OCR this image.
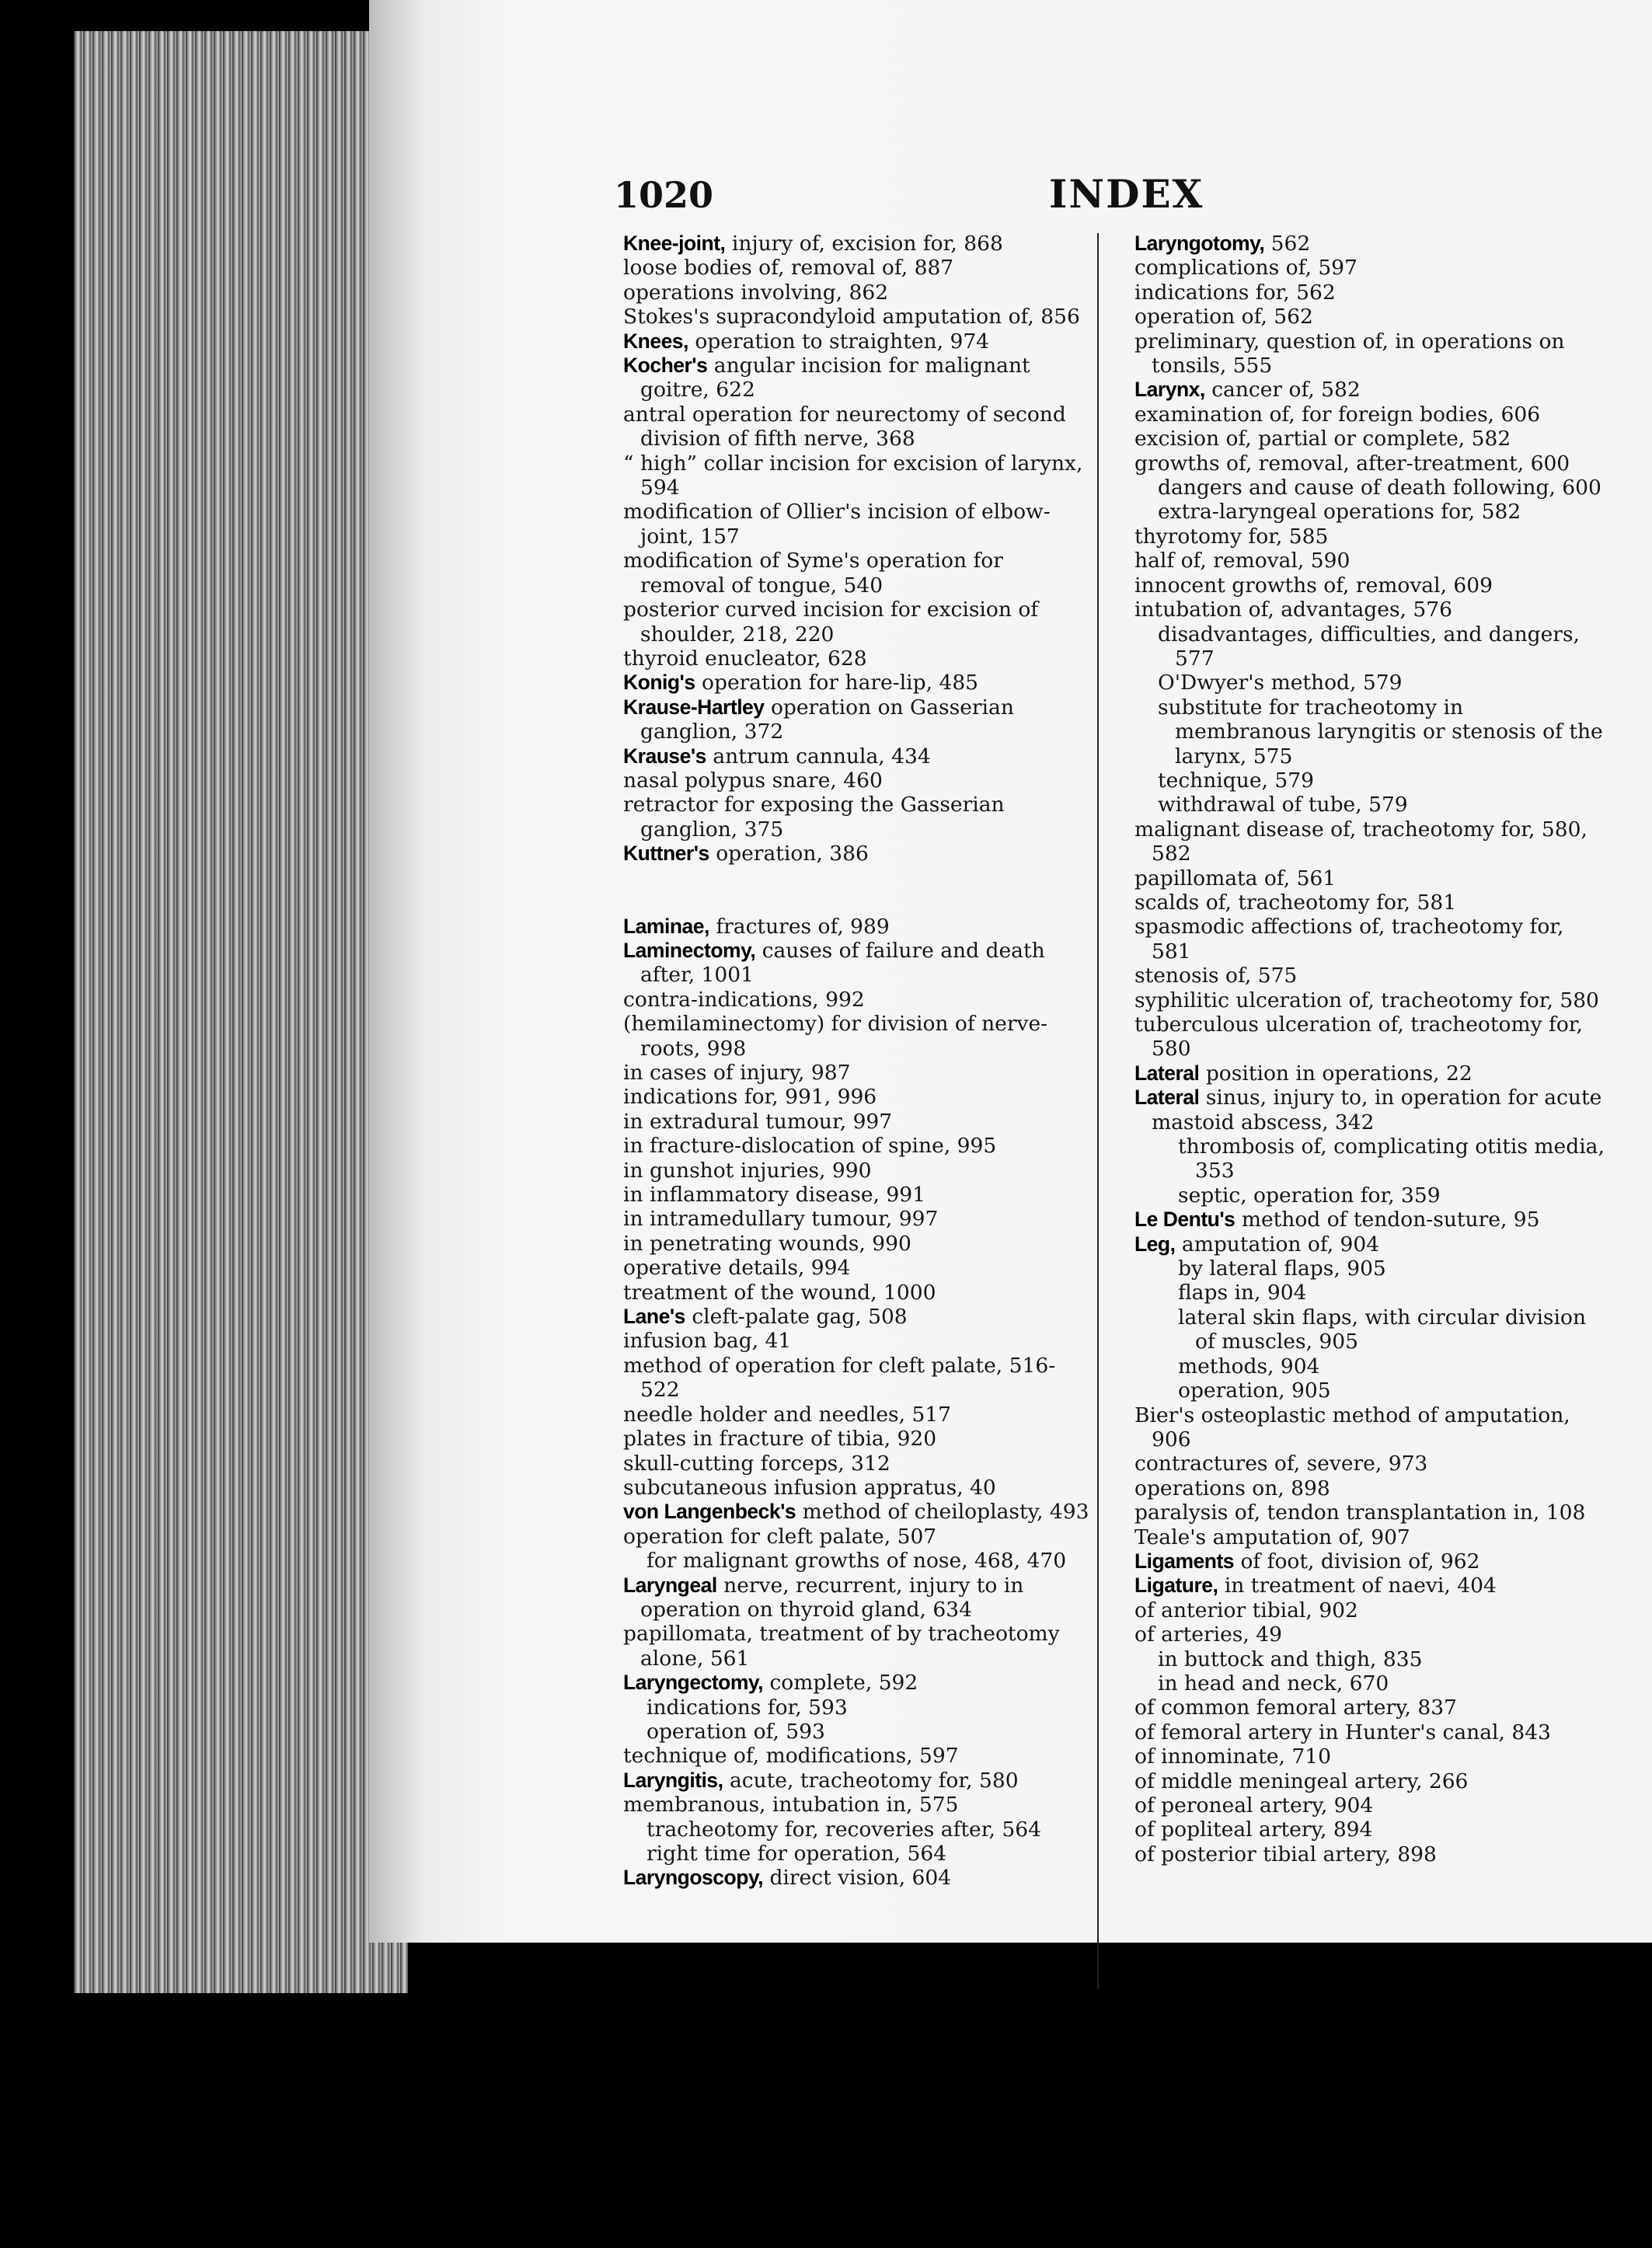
1020	INDEX
Knee-joint, injury of, excision for, 868
loose bodies of, removal of, 887
operations involving, 862
Stokes's supracondyloid amputation of, 856
Knees, operation to straighten, 974
Kocher's angular incision for malignant goitre, 622
antral operation for neurectomy of second division of fifth nerve, 368
“ high” collar incision for excision of larynx, 594
modification of Ollier's incision of elbow-joint, 157
modification of Syme's operation for removal of tongue, 540
posterior curved incision for excision of shoulder, 218, 220
thyroid enucleator, 628
Konig's operation for hare-lip, 485
Krause-Hartley operation on Gasserian ganglion, 372
Krause's antrum cannula, 434
nasal polypus snare, 460
retractor for exposing the Gasserian ganglion, 375
Kuttner's operation, 386
Laminae, fractures of, 989
Laminectomy, causes of failure and death after, 1001
contra-indications, 992
(hemilaminectomy) for division of nerve-roots, 998
in cases of injury, 987
indications for, 991, 996
in extradural tumour, 997
in fracture-dislocation of spine, 995
in gunshot injuries, 990
in inflammatory disease, 991
in intramedullary tumour, 997
in penetrating wounds, 990
operative details, 994
treatment of the wound, 1000
Lane's cleft-palate gag, 508
infusion bag, 41
method of operation for cleft palate, 516-522
needle holder and needles, 517
plates in fracture of tibia, 920
skull-cutting forceps, 312
subcutaneous infusion appratus, 40
von Langenbeck's method of cheiloplasty, 493
operation for cleft palate, 507
for malignant growths of nose, 468, 470
Laryngeal nerve, recurrent, injury to in operation on thyroid gland, 634
papillomata, treatment of by tracheotomy alone, 561
Laryngectomy, complete, 592
indications for, 593
operation of, 593
technique of, modifications, 597
Laryngitis, acute, tracheotomy for, 580
membranous, intubation in, 575
tracheotomy for, recoveries after, 564
right time for operation, 564
Laryngoscopy, direct vision, 604
Laryngotomy, 562
complications of, 597
indications for, 562
operation of, 562
preliminary, question of, in operations on tonsils, 555
Larynx, cancer of, 582
examination of, for foreign bodies, 606
excision of, partial or complete, 582
growths of, removal, after-treatment, 600
dangers and cause of death following, 600
extra-laryngeal operations for, 582
thyrotomy for, 585
half of, removal, 590
innocent growths of, removal, 609
intubation of, advantages, 576
disadvantages, difficulties, and dangers, 577
O'Dwyer's method, 579
substitute for tracheotomy in membranous laryngitis or stenosis of the larynx, 575
technique, 579
withdrawal of tube, 579
malignant disease of, tracheotomy for, 580, 582
papillomata of, 561
scalds of, tracheotomy for, 581
spasmodic affections of, tracheotomy for, 581
stenosis of, 575
syphilitic ulceration of, tracheotomy for, 580
tuberculous ulceration of, tracheotomy for, 580
Lateral position in operations, 22
Lateral sinus, injury to, in operation for acute mastoid abscess, 342
thrombosis of, complicating otitis media, 353
septic, operation for, 359
Le Dentu's method of tendon-suture, 95
Leg, amputation of, 904
by lateral flaps, 905
flaps in, 904
lateral skin flaps, with circular division of muscles, 905
methods, 904
operation, 905
Bier's osteoplastic method of amputation, 906
contractures of, severe, 973
operations on, 898
paralysis of, tendon transplantation in, 108
Teale's amputation of, 907
Ligaments of foot, division of, 962
Ligature, in treatment of naevi, 404
of anterior tibial, 902
of arteries, 49
in buttock and thigh, 835
in head and neck, 670
of common femoral artery, 837
of femoral artery in Hunter's canal, 843
of innominate, 710
of middle meningeal artery, 266
of peroneal artery, 904
of popliteal artery, 894
of posterior tibial artery, 898
